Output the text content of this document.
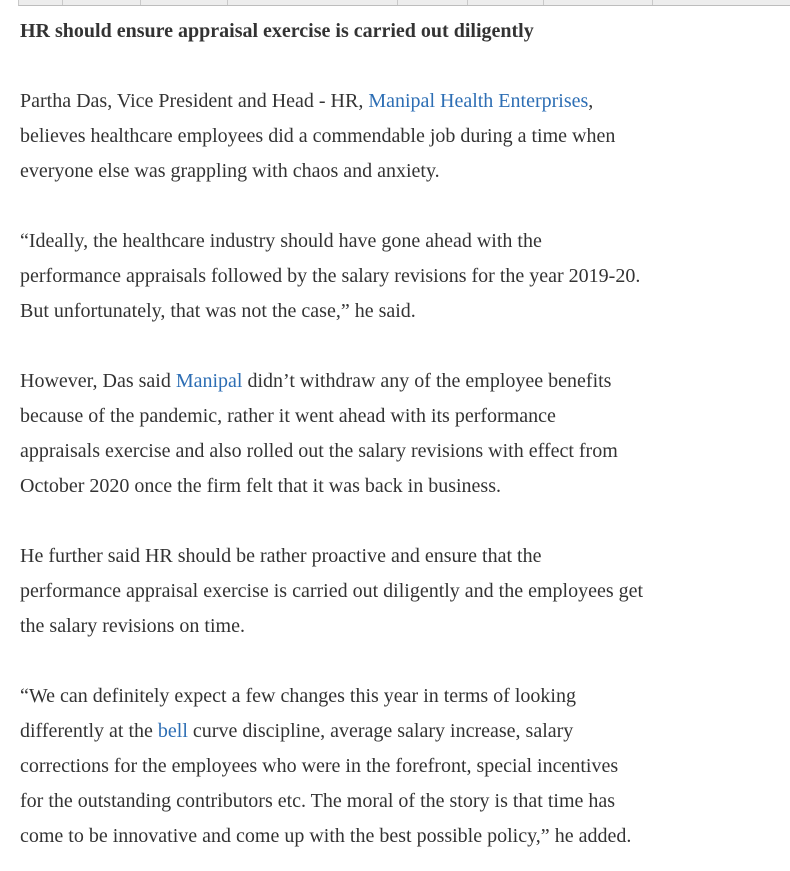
HR should ensure appraisal exercise is carried out diligently

Partha Das, Vice President and Head - HR, Manipal Health Enterprises,
believes healthcare employees did a commendable job during a time when
everyone else was grappling with chaos and anxiety.

“Ideally, the healthcare industry should have gone ahead with the
performance appraisals followed by the salary revisions for the year 2019-20.
But unfortunately, that was not the case,” he said.

However, Das said Manipal didn’t withdraw any of the employee benefits
because of the pandemic, rather it went ahead with its performance
appraisals exercise and also rolled out the salary revisions with effect from
October 2020 once the firm felt that it was back in business.

He further said HR should be rather proactive and ensure that the
performance appraisal exercise is carried out diligently and the employees get
the salary revisions on time.

“We can definitely expect a few changes this year in terms of looking
differently at the bell curve discipline, average salary increase, salary
corrections for the employees who were in the forefront, special incentives
for the outstanding contributors etc. The moral of the story is that time has
come to be innovative and come up with the best possible policy,” he added.
